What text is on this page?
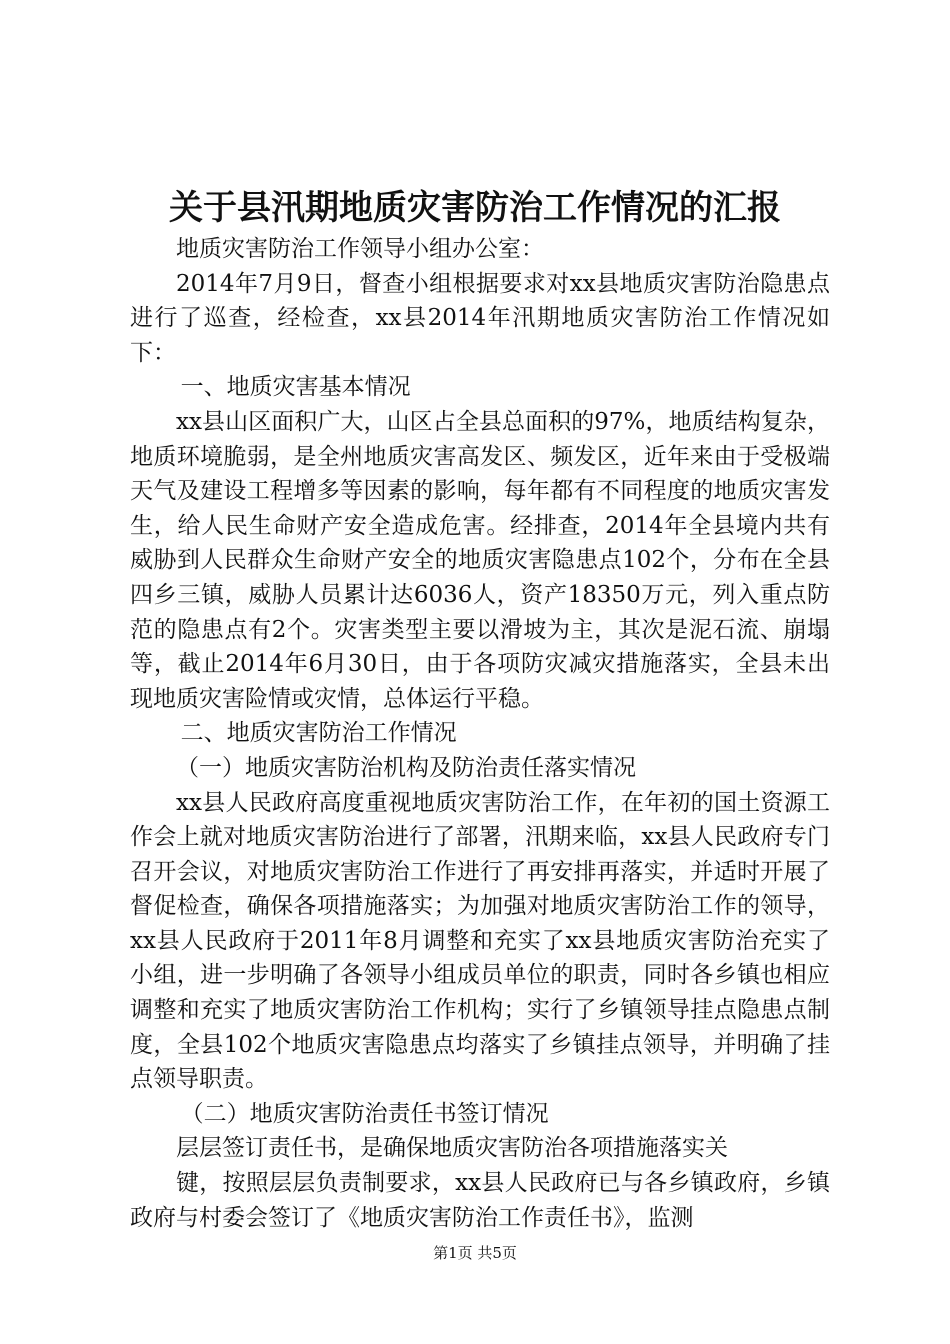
关于县汛期地质灾害防治工作情况的汇报

地质灾害防治工作领导小组办公室：

2014年7月9日，督查小组根据要求对xx县地质灾害防治隐患点进行了巡查，经检查，xx县2014年汛期地质灾害防治工作情况如下：

一、地质灾害基本情况

xx县山区面积广大，山区占全县总面积的97%，地质结构复杂，地质环境脆弱，是全州地质灾害高发区、频发区，近年来由于受极端天气及建设工程增多等因素的影响，每年都有不同程度的地质灾害发生，给人民生命财产安全造成危害。经排查，2014年全县境内共有威胁到人民群众生命财产安全的地质灾害隐患点102个，分布在全县四乡三镇，威胁人员累计达6036人，资产18350万元，列入重点防范的隐患点有2个。灾害类型主要以滑坡为主，其次是泥石流、崩塌等，截止2014年6月30日，由于各项防灾减灾措施落实，全县未出现地质灾害险情或灾情，总体运行平稳。

二、地质灾害防治工作情况

（一）地质灾害防治机构及防治责任落实情况

xx县人民政府高度重视地质灾害防治工作，在年初的国土资源工作会上就对地质灾害防治进行了部署，汛期来临，xx县人民政府专门召开会议，对地质灾害防治工作进行了再安排再落实，并适时开展了督促检查，确保各项措施落实；为加强对地质灾害防治工作的领导，xx县人民政府于2011年8月调整和充实了xx县地质灾害防治充实了小组，进一步明确了各领导小组成员单位的职责，同时各乡镇也相应调整和充实了地质灾害防治工作机构；实行了乡镇领导挂点隐患点制度，全县102个地质灾害隐患点均落实了乡镇挂点领导，并明确了挂点领导职责。

（二）地质灾害防治责任书签订情况

层层签订责任书，是确保地质灾害防治各项措施落实关

键，按照层层负责制要求，xx县人民政府已与各乡镇政府，乡镇政府与村委会签订了《地质灾害防治工作责任书》，监测

第1页 共5页
